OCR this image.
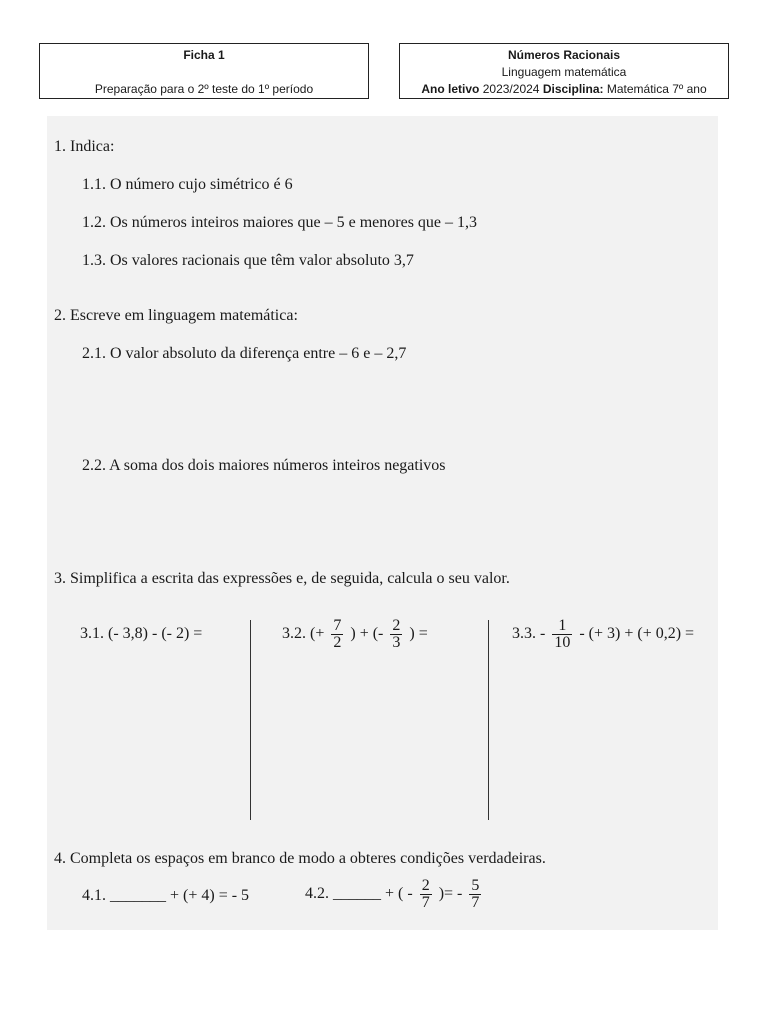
Ficha 1
Preparação para o 2º teste do 1º período
Números Racionais
Linguagem matemática
Ano letivo 2023/2024 Disciplina: Matemática 7º ano
1. Indica:
1.1. O número cujo simétrico é 6
1.2. Os números inteiros maiores que – 5 e menores que – 1,3
1.3. Os valores racionais que têm valor absoluto 3,7
2. Escreve em linguagem matemática:
2.1. O valor absoluto da diferença entre – 6 e – 2,7
2.2. A soma dos dois maiores números inteiros negativos
3. Simplifica a escrita das expressões e, de seguida, calcula o seu valor.
3.1. (- 3,8) - (- 2) =	3.2. (+ $\frac{7}{2}$ ) + (- $\frac{2}{3}$ ) =	3.3. - $\frac{1}{10}$ - (+ 3) + (+ 0,2) =
4. Completa os espaços em branco de modo a obteres condições verdadeiras.
4.1. _______ + (+ 4) = - 5	4.2. ______ + ( - $\frac{2}{7}$ )= - $\frac{5}{7}$
